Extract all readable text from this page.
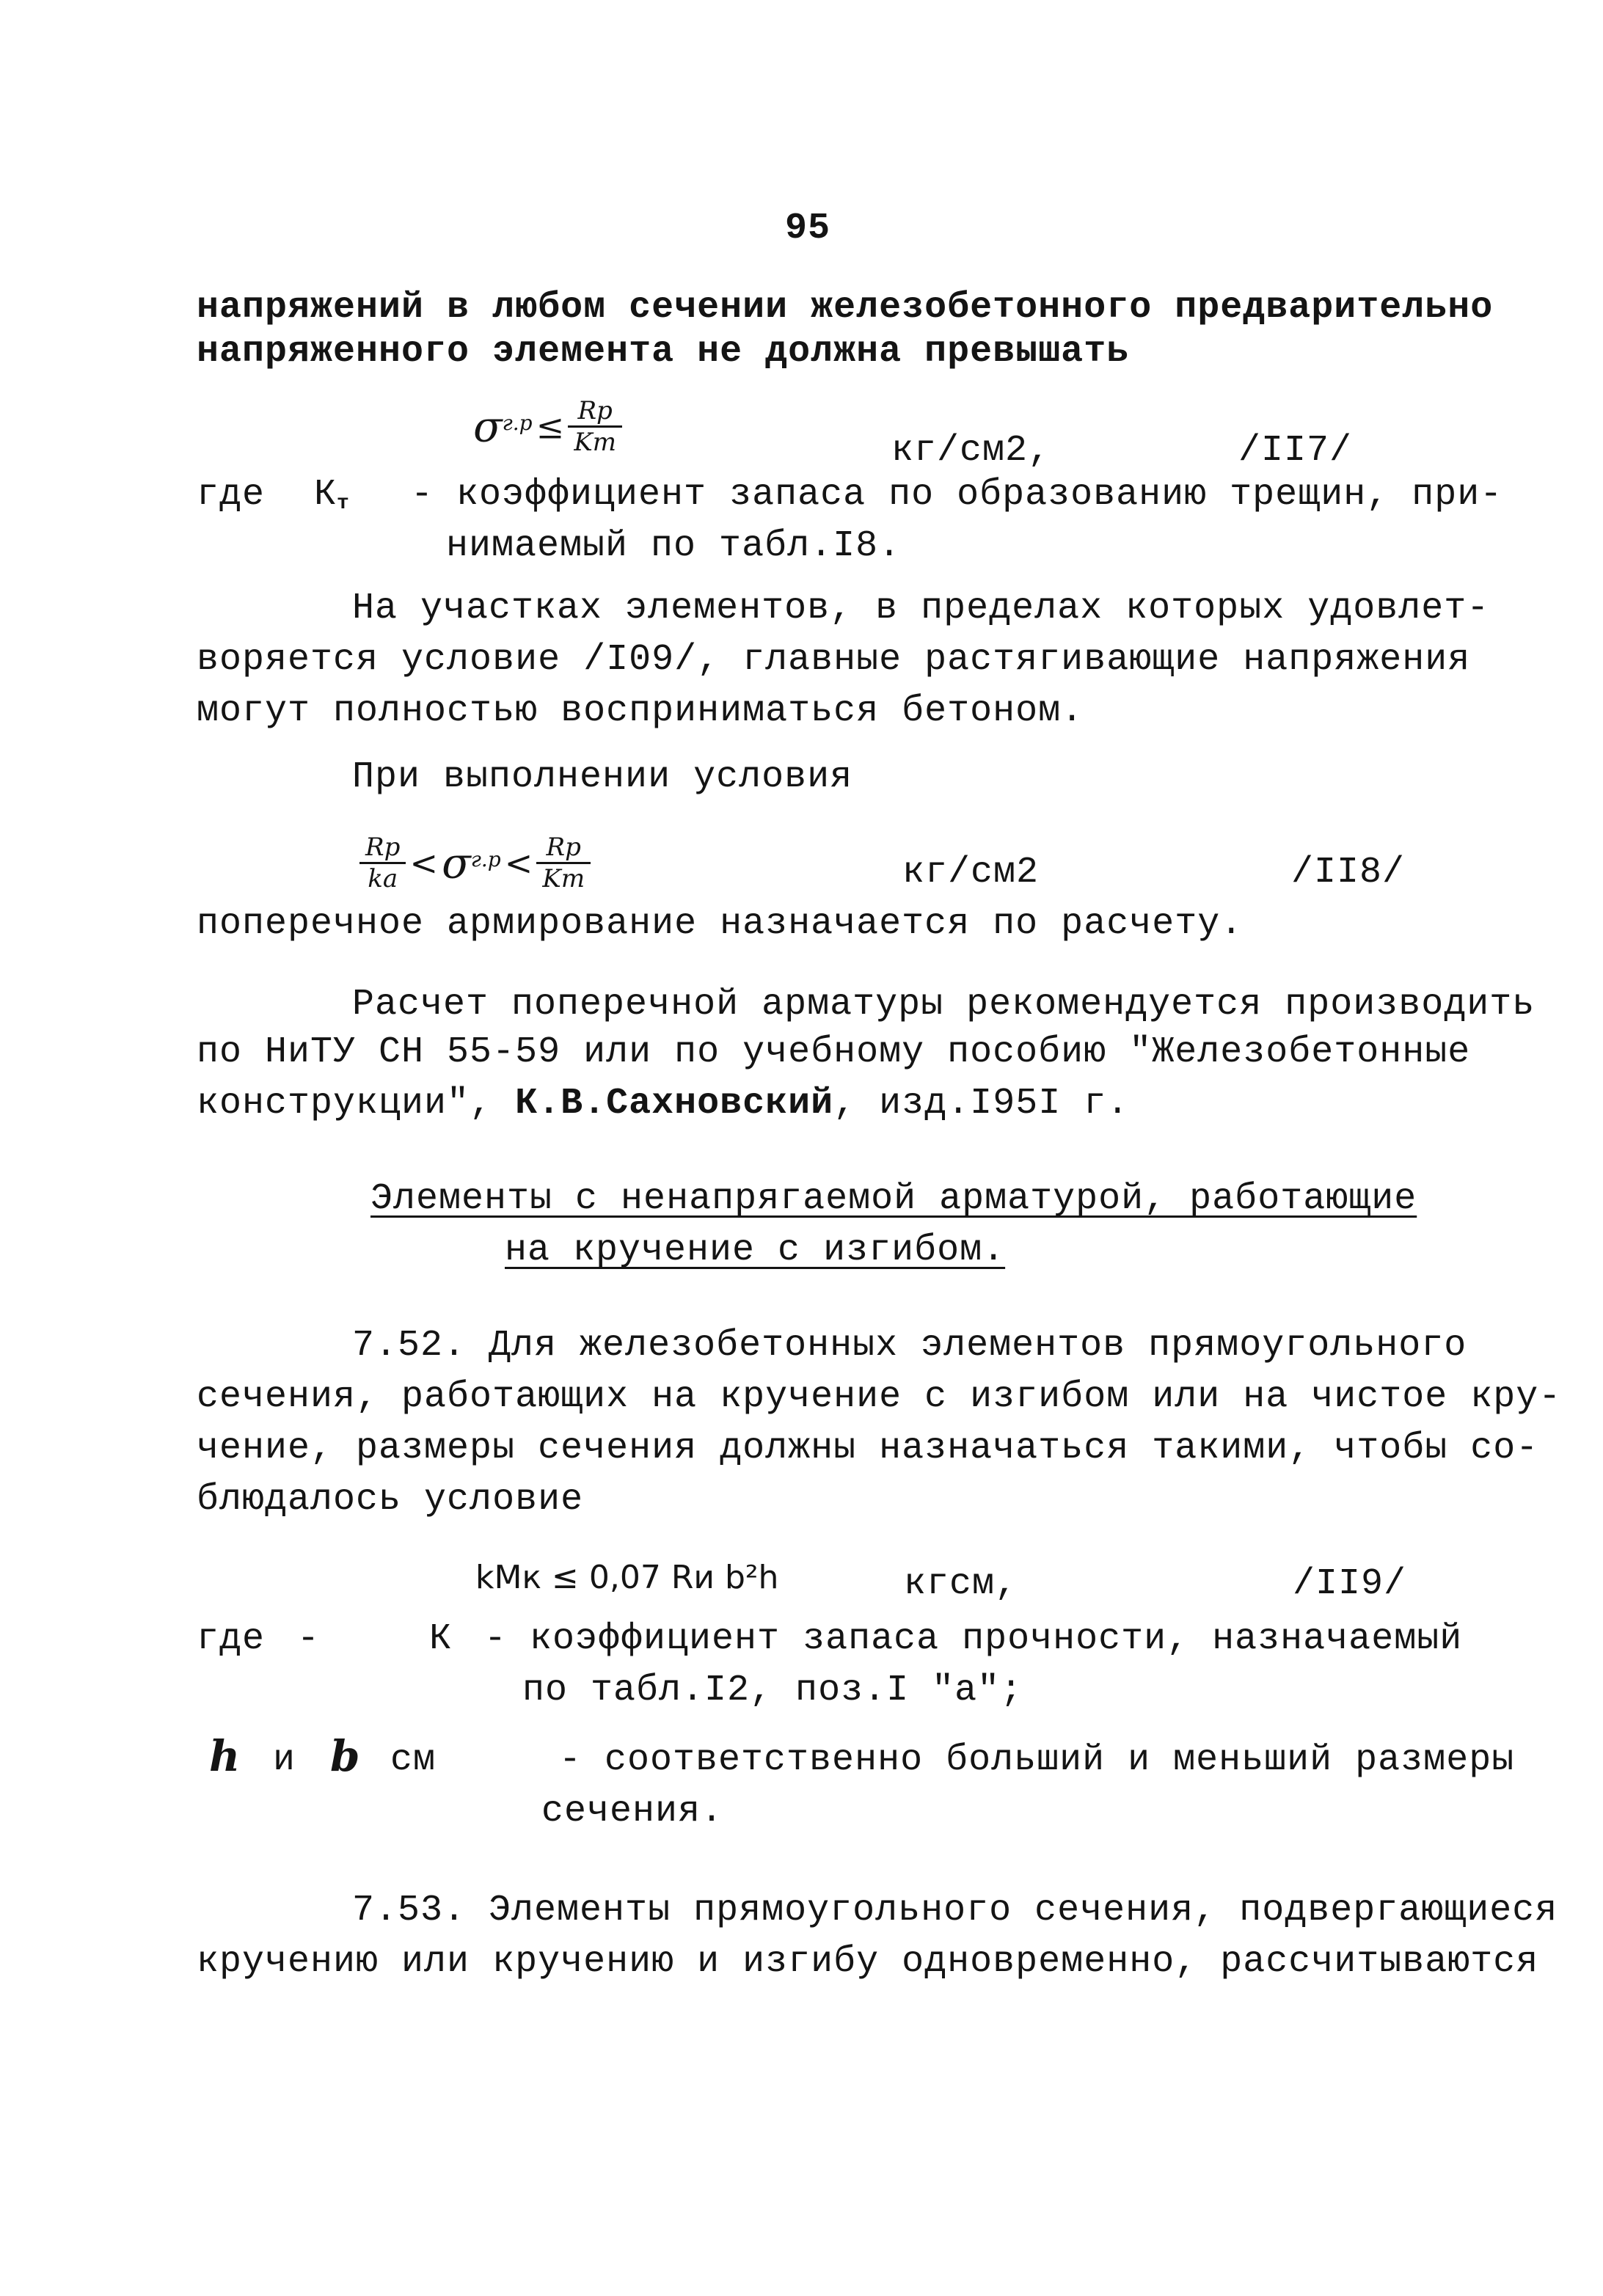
95
напряжений в любом сечении железобетонного предварительно
напряженного элемента не должна превышать
$\sigma г.р \le \frac{Rр}{Kт}$	кг/см2,	/II7/
где $К_т$ - коэффициент запаса по образованию трещин, при-
нимаемый по табл.I8.
На участках элементов, в пределах которых удовлет-
воряется условие /I09/, главные растягивающие напряжения
могут полностью восприниматься бетоном.
При выполнении условия
$\frac{Rр}{kа} < \sigma г.р < \frac{Rр}{Kт}$	кг/см2	/II8/
поперечное армирование назначается по расчету.
Расчет поперечной арматуры рекомендуется производить
по НиТУ СН 55-59 или по учебному пособию "Железобетонные
конструкции", К.В.Сахновский, изд.I95I г.
Элементы с ненапрягаемой арматурой, работающие
на кручение с изгибом.
7.52. Для железобетонных элементов прямоугольного
сечения, работающих на кручение с изгибом или на чистое кру-
чение, размеры сечения должны назначаться такими, чтобы со-
блюдалось условие
kMк ≤ 0,07 Rи b²h	кгсм,	/II9/
где -	К - коэффициент запаса прочности, назначаемый
по табл.I2, поз.I "а";
h и b см	- соответственно больший и меньший размеры
сечения.
7.53. Элементы прямоугольного сечения, подвергающиеся
кручению или кручению и изгибу одновременно, рассчитываются
